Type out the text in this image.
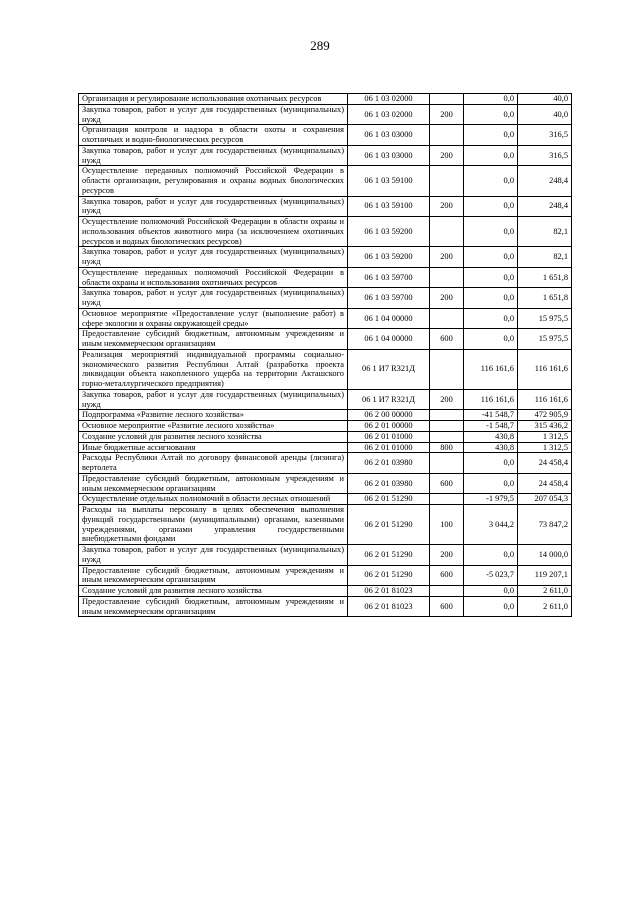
289
Организация и регулирование использования охотничьих ресурсов	06 1 03 02000		0,0	40,0
Закупка товаров, работ и услуг для государственных (муниципальных) нужд	06 1 03 02000	200	0,0	40,0
Организация контроля и надзора в области охоты и сохранения охотничьих и водно-биологических ресурсов	06 1 03 03000		0,0	316,5
Закупка товаров, работ и услуг для государственных (муниципальных) нужд	06 1 03 03000	200	0,0	316,5
Осуществление переданных полномочий Российской Федерации в области организации, регулирования и охраны водных биологических ресурсов	06 1 03 59100		0,0	248,4
Закупка товаров, работ и услуг для государственных (муниципальных) нужд	06 1 03 59100	200	0,0	248,4
Осуществление полномочий Российской Федерации в области охраны и использования объектов животного мира (за исключением охотничьих ресурсов и водных биологических ресурсов)	06 1 03 59200		0,0	82,1
Закупка товаров, работ и услуг для государственных (муниципальных) нужд	06 1 03 59200	200	0,0	82,1
Осуществление переданных полномочий Российской Федерации в области охраны и использования охотничьих ресурсов	06 1 03 59700		0,0	1 651,8
Закупка товаров, работ и услуг для государственных (муниципальных) нужд	06 1 03 59700	200	0,0	1 651,8
Основное мероприятие «Предоставление услуг (выполнение работ) в сфере экологии и охраны окружающей среды»	06 1 04 00000		0,0	15 975,5
Предоставление субсидий бюджетным, автономным учреждениям и иным некоммерческим организациям	06 1 04 00000	600	0,0	15 975,5
Реализация мероприятий индивидуальной программы социально-экономического развития Республики Алтай (разработка проекта ликвидации объекта накопленного ущерба на территории Акташского горно-металлургического предприятия)	06 1 И7 R321Д		116 161,6	116 161,6
Закупка товаров, работ и услуг для государственных (муниципальных) нужд	06 1 И7 R321Д	200	116 161,6	116 161,6
Подпрограмма «Развитие лесного хозяйства»	06 2 00 00000		-41 548,7	472 905,9
Основное мероприятие «Развитие лесного хозяйства»	06 2 01 00000		-1 548,7	315 436,2
Создание условий для развития лесного хозяйства	06 2 01 01000		430,8	1 312,5
Иные бюджетные ассигнования	06 2 01 01000	800	430,8	1 312,5
Расходы Республики Алтай по договору финансовой аренды (лизинга) вертолета	06 2 01 03980		0,0	24 458,4
Предоставление субсидий бюджетным, автономным учреждениям и иным некоммерческим организациям	06 2 01 03980	600	0,0	24 458,4
Осуществление отдельных полномочий в области лесных отношений	06 2 01 51290		-1 979,5	207 054,3
Расходы на выплаты персоналу в целях обеспечения выполнения функций государственными (муниципальными) органами, казенными учреждениями, органами управления государственными внебюджетными фондами	06 2 01 51290	100	3 044,2	73 847,2
Закупка товаров, работ и услуг для государственных (муниципальных) нужд	06 2 01 51290	200	0,0	14 000,0
Предоставление субсидий бюджетным, автономным учреждениям и иным некоммерческим организациям	06 2 01 51290	600	-5 023,7	119 207,1
Создание условий для развития лесного хозяйства	06 2 01 81023		0,0	2 611,0
Предоставление субсидий бюджетным, автономным учреждениям и иным некоммерческим организациям	06 2 01 81023	600	0,0	2 611,0
